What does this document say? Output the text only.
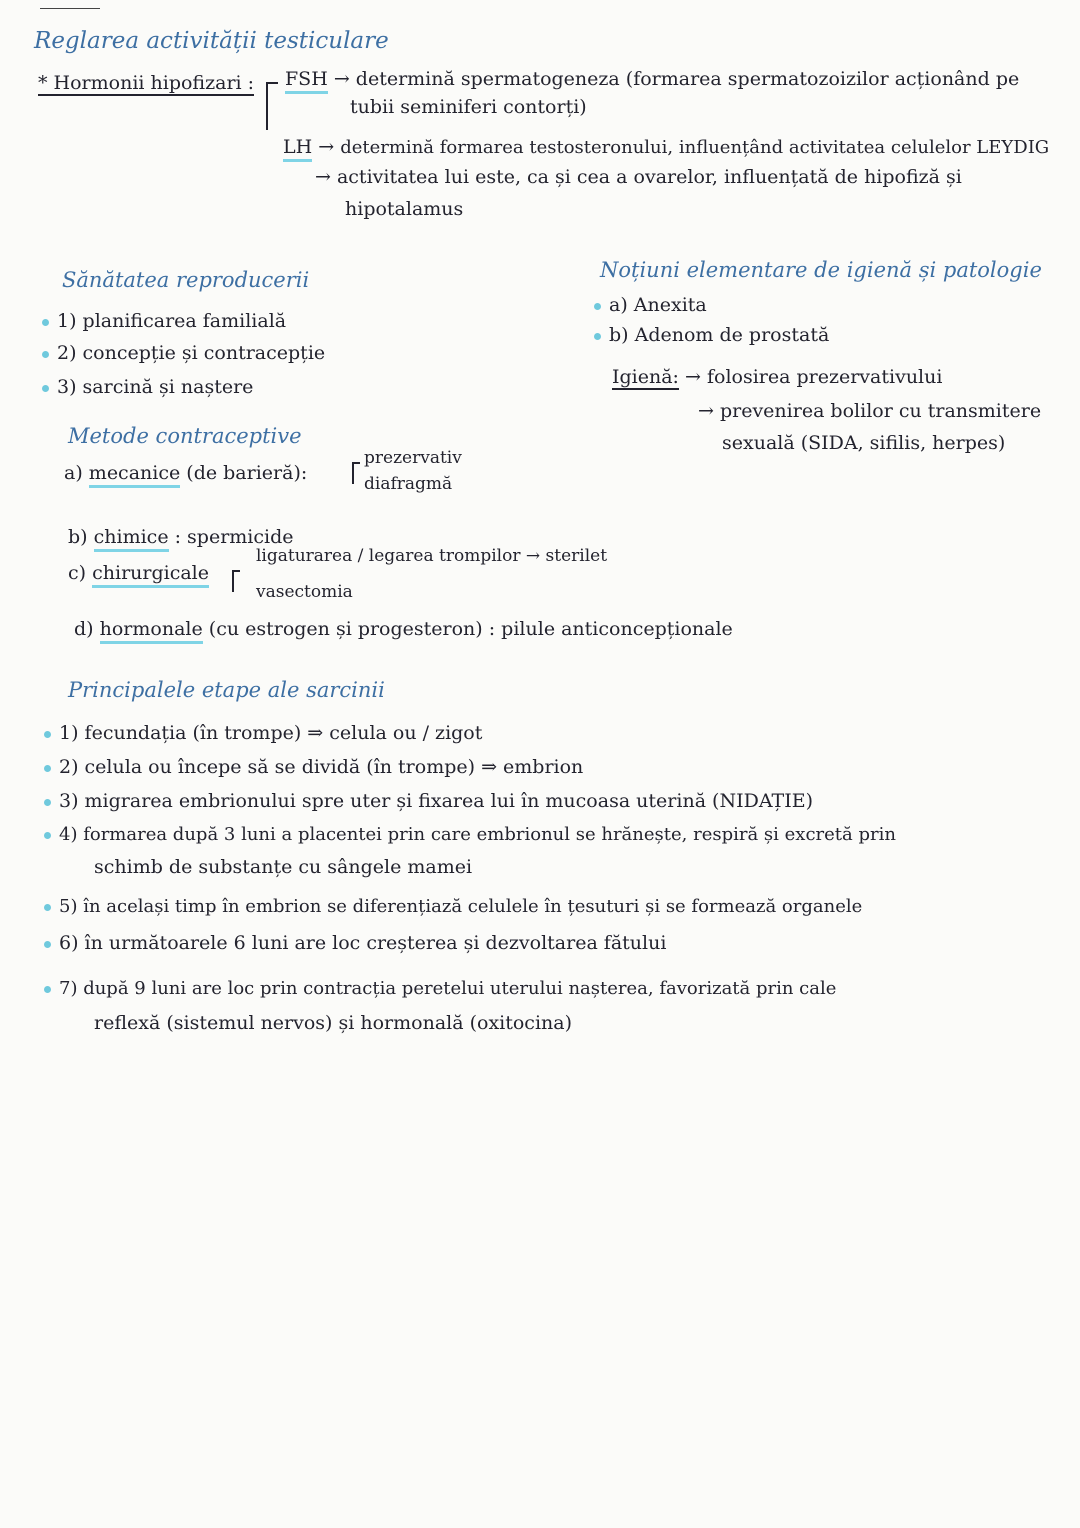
Reglarea activității testiculare
* Hormonii hipofizari : FSH → determină spermatogeneza (formarea spermatozoizilor acționând pe
tubii seminiferi contorți)
LH → determină formarea testosteronului, influențând activitatea celulelor LEYDIG
→ activitatea lui este, ca și cea a ovarelor, influențată de hipofiză și
hipotalamus
Sănătatea reproducerii
1) planificarea familială
2) concepție și contracepție
3) sarcină și naștere
Noțiuni elementare de igienă și patologie
a) Anexita
b) Adenom de prostată
Igienă: → folosirea prezervativului
→ prevenirea bolilor cu transmitere
sexuală (SIDA, sifilis, herpes)
Metode contraceptive
a) mecanice (de barieră):
prezervativ
diafragmă
b) chimice : spermicide
c) chirurgicale
ligaturarea / legarea trompilor → sterilet
vasectomia
d) hormonale (cu estrogen și progesteron) : pilule anticoncepționale
Principalele etape ale sarcinii
1) fecundația (în trompe) ⇒ celula ou / zigot
2) celula ou începe să se dividă (în trompe) ⇒ embrion
3) migrarea embrionului spre uter și fixarea lui în mucoasa uterină (NIDAȚIE)
4) formarea după 3 luni a placentei prin care embrionul se hrănește, respiră și excretă prin
schimb de substanțe cu sângele mamei
5) în același timp în embrion se diferențiază celulele în țesuturi și se formează organele
6) în următoarele 6 luni are loc creșterea și dezvoltarea fătului
7) după 9 luni are loc prin contracția peretelui uterului nașterea, favorizată prin cale
reflexă (sistemul nervos) și hormonală (oxitocina)
